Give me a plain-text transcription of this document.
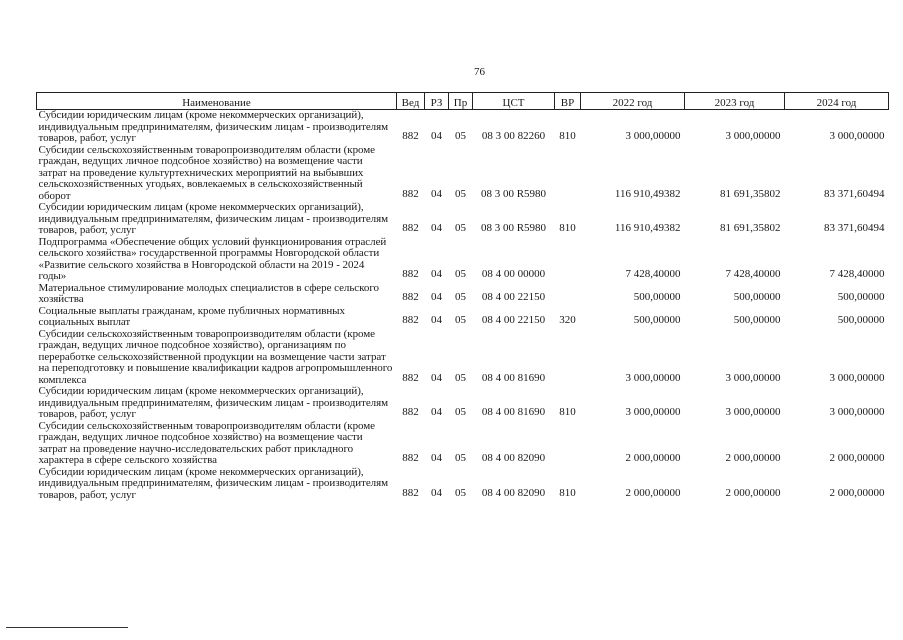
76
Наименование	Вед	РЗ	Пр	ЦСТ	ВР	2022 год	2023 год	2024 год
Субсидии юридическим лицам (кроме некоммерческих организаций), индивидуальным предпринимателям, физическим лицам - производителям товаров, работ, услуг	882	04	05	08 3 00 82260	810	3 000,00000	3 000,00000	3 000,00000
Субсидии сельскохозяйственным товаропроизводителям области (кроме граждан, ведущих личное подсобное хозяйство) на возмещение части затрат на проведение культуртехнических мероприятий на выбывших сельскохозяйственных угодьях, вовлекаемых в сельскохозяйственный оборот	882	04	05	08 3 00 R5980		116 910,49382	81 691,35802	83 371,60494
Субсидии юридическим лицам (кроме некоммерческих организаций), индивидуальным предпринимателям, физическим лицам - производителям товаров, работ, услуг	882	04	05	08 3 00 R5980	810	116 910,49382	81 691,35802	83 371,60494
Подпрограмма «Обеспечение общих условий функционирования отраслей сельского хозяйства» государственной программы Новгородской области «Развитие сельского хозяйства в Новгородской области на 2019 - 2024 годы»	882	04	05	08 4 00 00000		7 428,40000	7 428,40000	7 428,40000
Материальное стимулирование молодых специалистов в сфере сельского хозяйства	882	04	05	08 4 00 22150		500,00000	500,00000	500,00000
Социальные выплаты гражданам, кроме публичных нормативных социальных выплат	882	04	05	08 4 00 22150	320	500,00000	500,00000	500,00000
Субсидии сельскохозяйственным товаропроизводителям области (кроме граждан, ведущих личное подсобное хозяйство), организациям по переработке сельскохозяйственной продукции на возмещение части затрат на переподготовку и повышение квалификации кадров агропромышленного комплекса	882	04	05	08 4 00 81690		3 000,00000	3 000,00000	3 000,00000
Субсидии юридическим лицам (кроме некоммерческих организаций), индивидуальным предпринимателям, физическим лицам - производителям товаров, работ, услуг	882	04	05	08 4 00 81690	810	3 000,00000	3 000,00000	3 000,00000
Субсидии сельскохозяйственным товаропроизводителям области (кроме граждан, ведущих личное подсобное хозяйство) на возмещение части затрат на проведение научно-исследовательских работ прикладного характера в сфере сельского хозяйства	882	04	05	08 4 00 82090		2 000,00000	2 000,00000	2 000,00000
Субсидии юридическим лицам (кроме некоммерческих организаций), индивидуальным предпринимателям, физическим лицам - производителям товаров, работ, услуг	882	04	05	08 4 00 82090	810	2 000,00000	2 000,00000	2 000,00000
